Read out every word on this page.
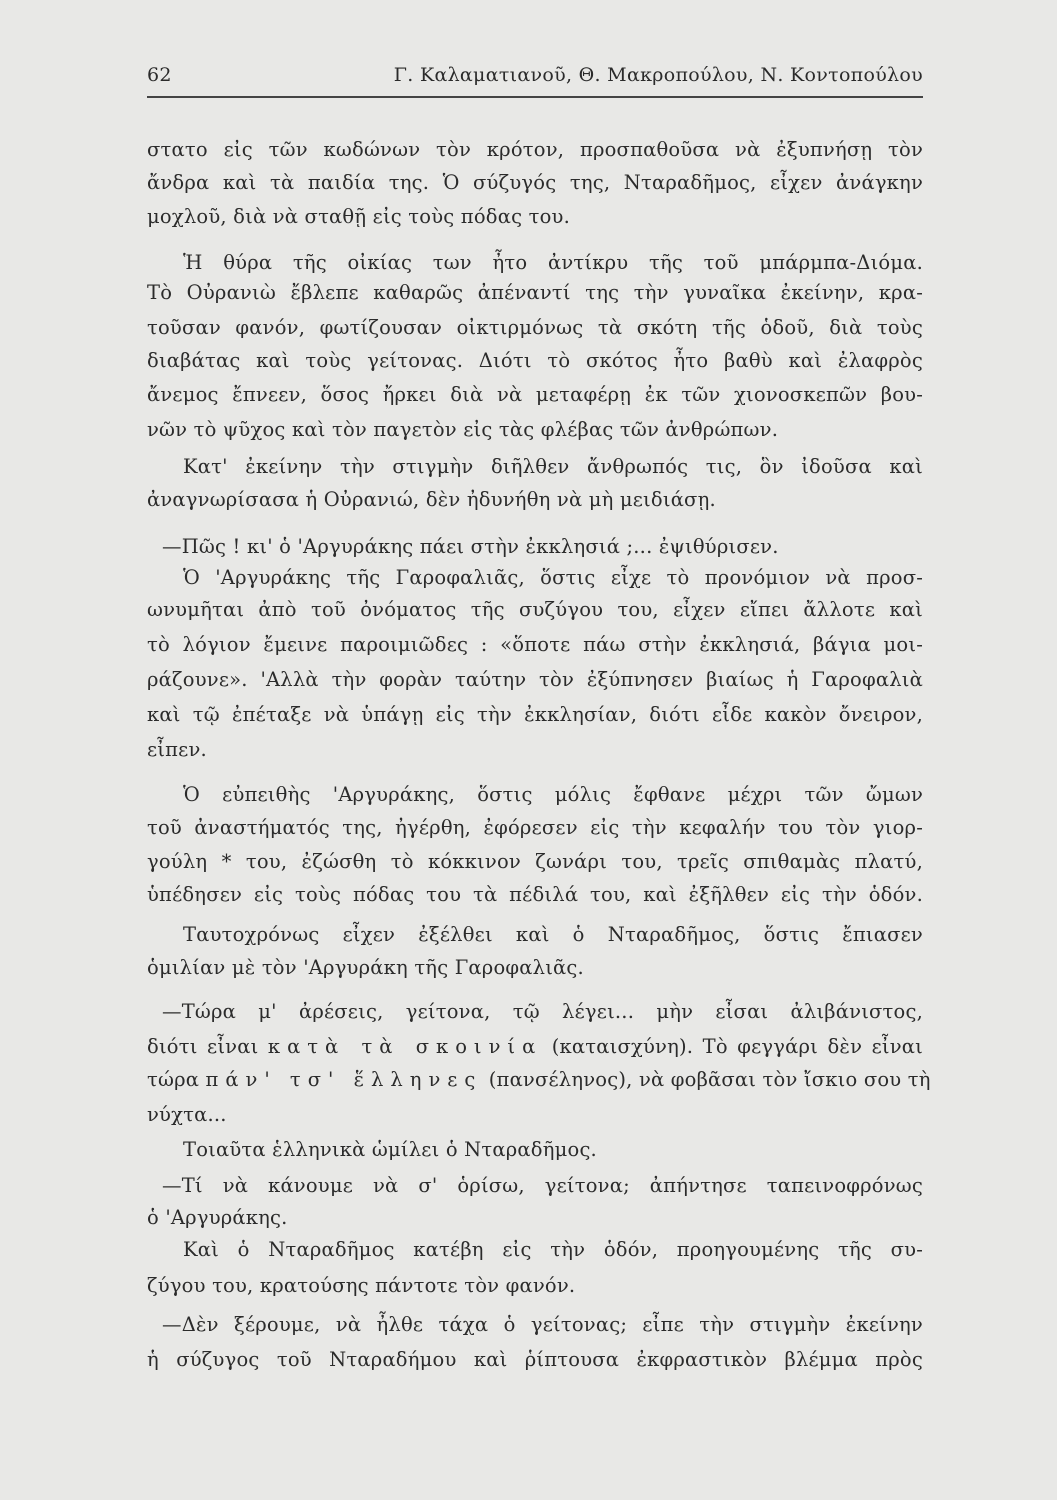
62	Γ. Καλαματιανοῦ, Θ. Μακροπούλου, Ν. Κοντοπούλου
στατο εἰς τῶν κωδώνων τὸν κρότον, προσπαθοῦσα νὰ ἐξυπνήσῃ τὸν
ἄνδρα καὶ τὰ παιδία της. Ὁ σύζυγός της, Νταραδῆμος, εἶχεν ἀνάγκην
μοχλοῦ, διὰ νὰ σταθῇ εἰς τοὺς πόδας του.
Ἡ θύρα τῆς οἰκίας των ἦτο ἀντίκρυ τῆς τοῦ μπάρμπα-Διόμα.
Τὸ Οὐρανιὼ ἔβλεπε καθαρῶς ἀπέναντί της τὴν γυναῖκα ἐκείνην, κρα-
τοῦσαν φανόν, φωτίζουσαν οἰκτιρμόνως τὰ σκότη τῆς ὁδοῦ, διὰ τοὺς
διαβάτας καὶ τοὺς γείτονας. Διότι τὸ σκότος ἦτο βαθὺ καὶ ἐλαφρὸς
ἄνεμος ἔπνεεν, ὅσος ἤρκει διὰ νὰ μεταφέρῃ ἐκ τῶν χιονοσκεπῶν βου-
νῶν τὸ ψῦχος καὶ τὸν παγετὸν εἰς τὰς φλέβας τῶν ἀνθρώπων.
Κατ' ἐκείνην τὴν στιγμὴν διῆλθεν ἄνθρωπός τις, ὃν ἰδοῦσα καὶ
ἀναγνωρίσασα ἡ Οὐρανιώ, δὲν ἠδυνήθη νὰ μὴ μειδιάσῃ.
—Πῶς ! κι' ὁ 'Αργυράκης πάει στὴν ἐκκλησιά ;... ἐψιθύρισεν.
Ὁ 'Αργυράκης τῆς Γαροφαλιᾶς, ὅστις εἶχε τὸ προνόμιον νὰ προσ-
ωνυμῆται ἀπὸ τοῦ ὀνόματος τῆς συζύγου του, εἶχεν εἴπει ἄλλοτε καὶ
τὸ λόγιον ἔμεινε παροιμιῶδες : «ὅποτε πάω στὴν ἐκκλησιά, βάγια μοι-
ράζουνε». 'Αλλὰ τὴν φορὰν ταύτην τὸν ἐξύπνησεν βιαίως ἡ Γαροφαλιὰ
καὶ τῷ ἐπέταξε νὰ ὑπάγῃ εἰς τὴν ἐκκλησίαν, διότι εἶδε κακὸν ὄνειρον,
εἶπεν.
Ὁ εὐπειθὴς 'Αργυράκης, ὅστις μόλις ἔφθανε μέχρι τῶν ὤμων
τοῦ ἀναστήματός της, ἠγέρθη, ἐφόρεσεν εἰς τὴν κεφαλήν του τὸν γιορ-
γούλη * του, ἐζώσθη τὸ κόκκινον ζωνάρι του, τρεῖς σπιθαμὰς πλατύ,
ὑπέδησεν εἰς τοὺς πόδας του τὰ πέδιλά του, καὶ ἐξῆλθεν εἰς τὴν ὁδόν.
Ταυτοχρόνως εἶχεν ἐξέλθει καὶ ὁ Νταραδῆμος, ὅστις ἔπιασεν
ὁμιλίαν μὲ τὸν 'Αργυράκη τῆς Γαροφαλιᾶς.
—Τώρα μ' ἀρέσεις, γείτονα, τῷ λέγει... μὴν εἶσαι ἀλιβάνιστος,
διότι εἶναι κατὰ τὰ σκοινία (καταισχύνη). Τὸ φεγγάρι δὲν εἶναι
τώρα πάν' τσ' ἕλληνες (πανσέληνος), νὰ φοβᾶσαι τὸν ἴσκιο σου τὴ
νύχτα...
Τοιαῦτα ἑλληνικὰ ὡμίλει ὁ Νταραδῆμος.
—Τί νὰ κάνουμε νὰ σ' ὁρίσω, γείτονα; ἀπήντησε ταπεινοφρόνως
ὁ 'Αργυράκης.
Καὶ ὁ Νταραδῆμος κατέβη εἰς τὴν ὁδόν, προηγουμένης τῆς συ-
ζύγου του, κρατούσης πάντοτε τὸν φανόν.
—Δὲν ξέρουμε, νὰ ἦλθε τάχα ὁ γείτονας; εἶπε τὴν στιγμὴν ἐκείνην
ἡ σύζυγος τοῦ Νταραδήμου καὶ ῥίπτουσα ἐκφραστικὸν βλέμμα πρὸς
